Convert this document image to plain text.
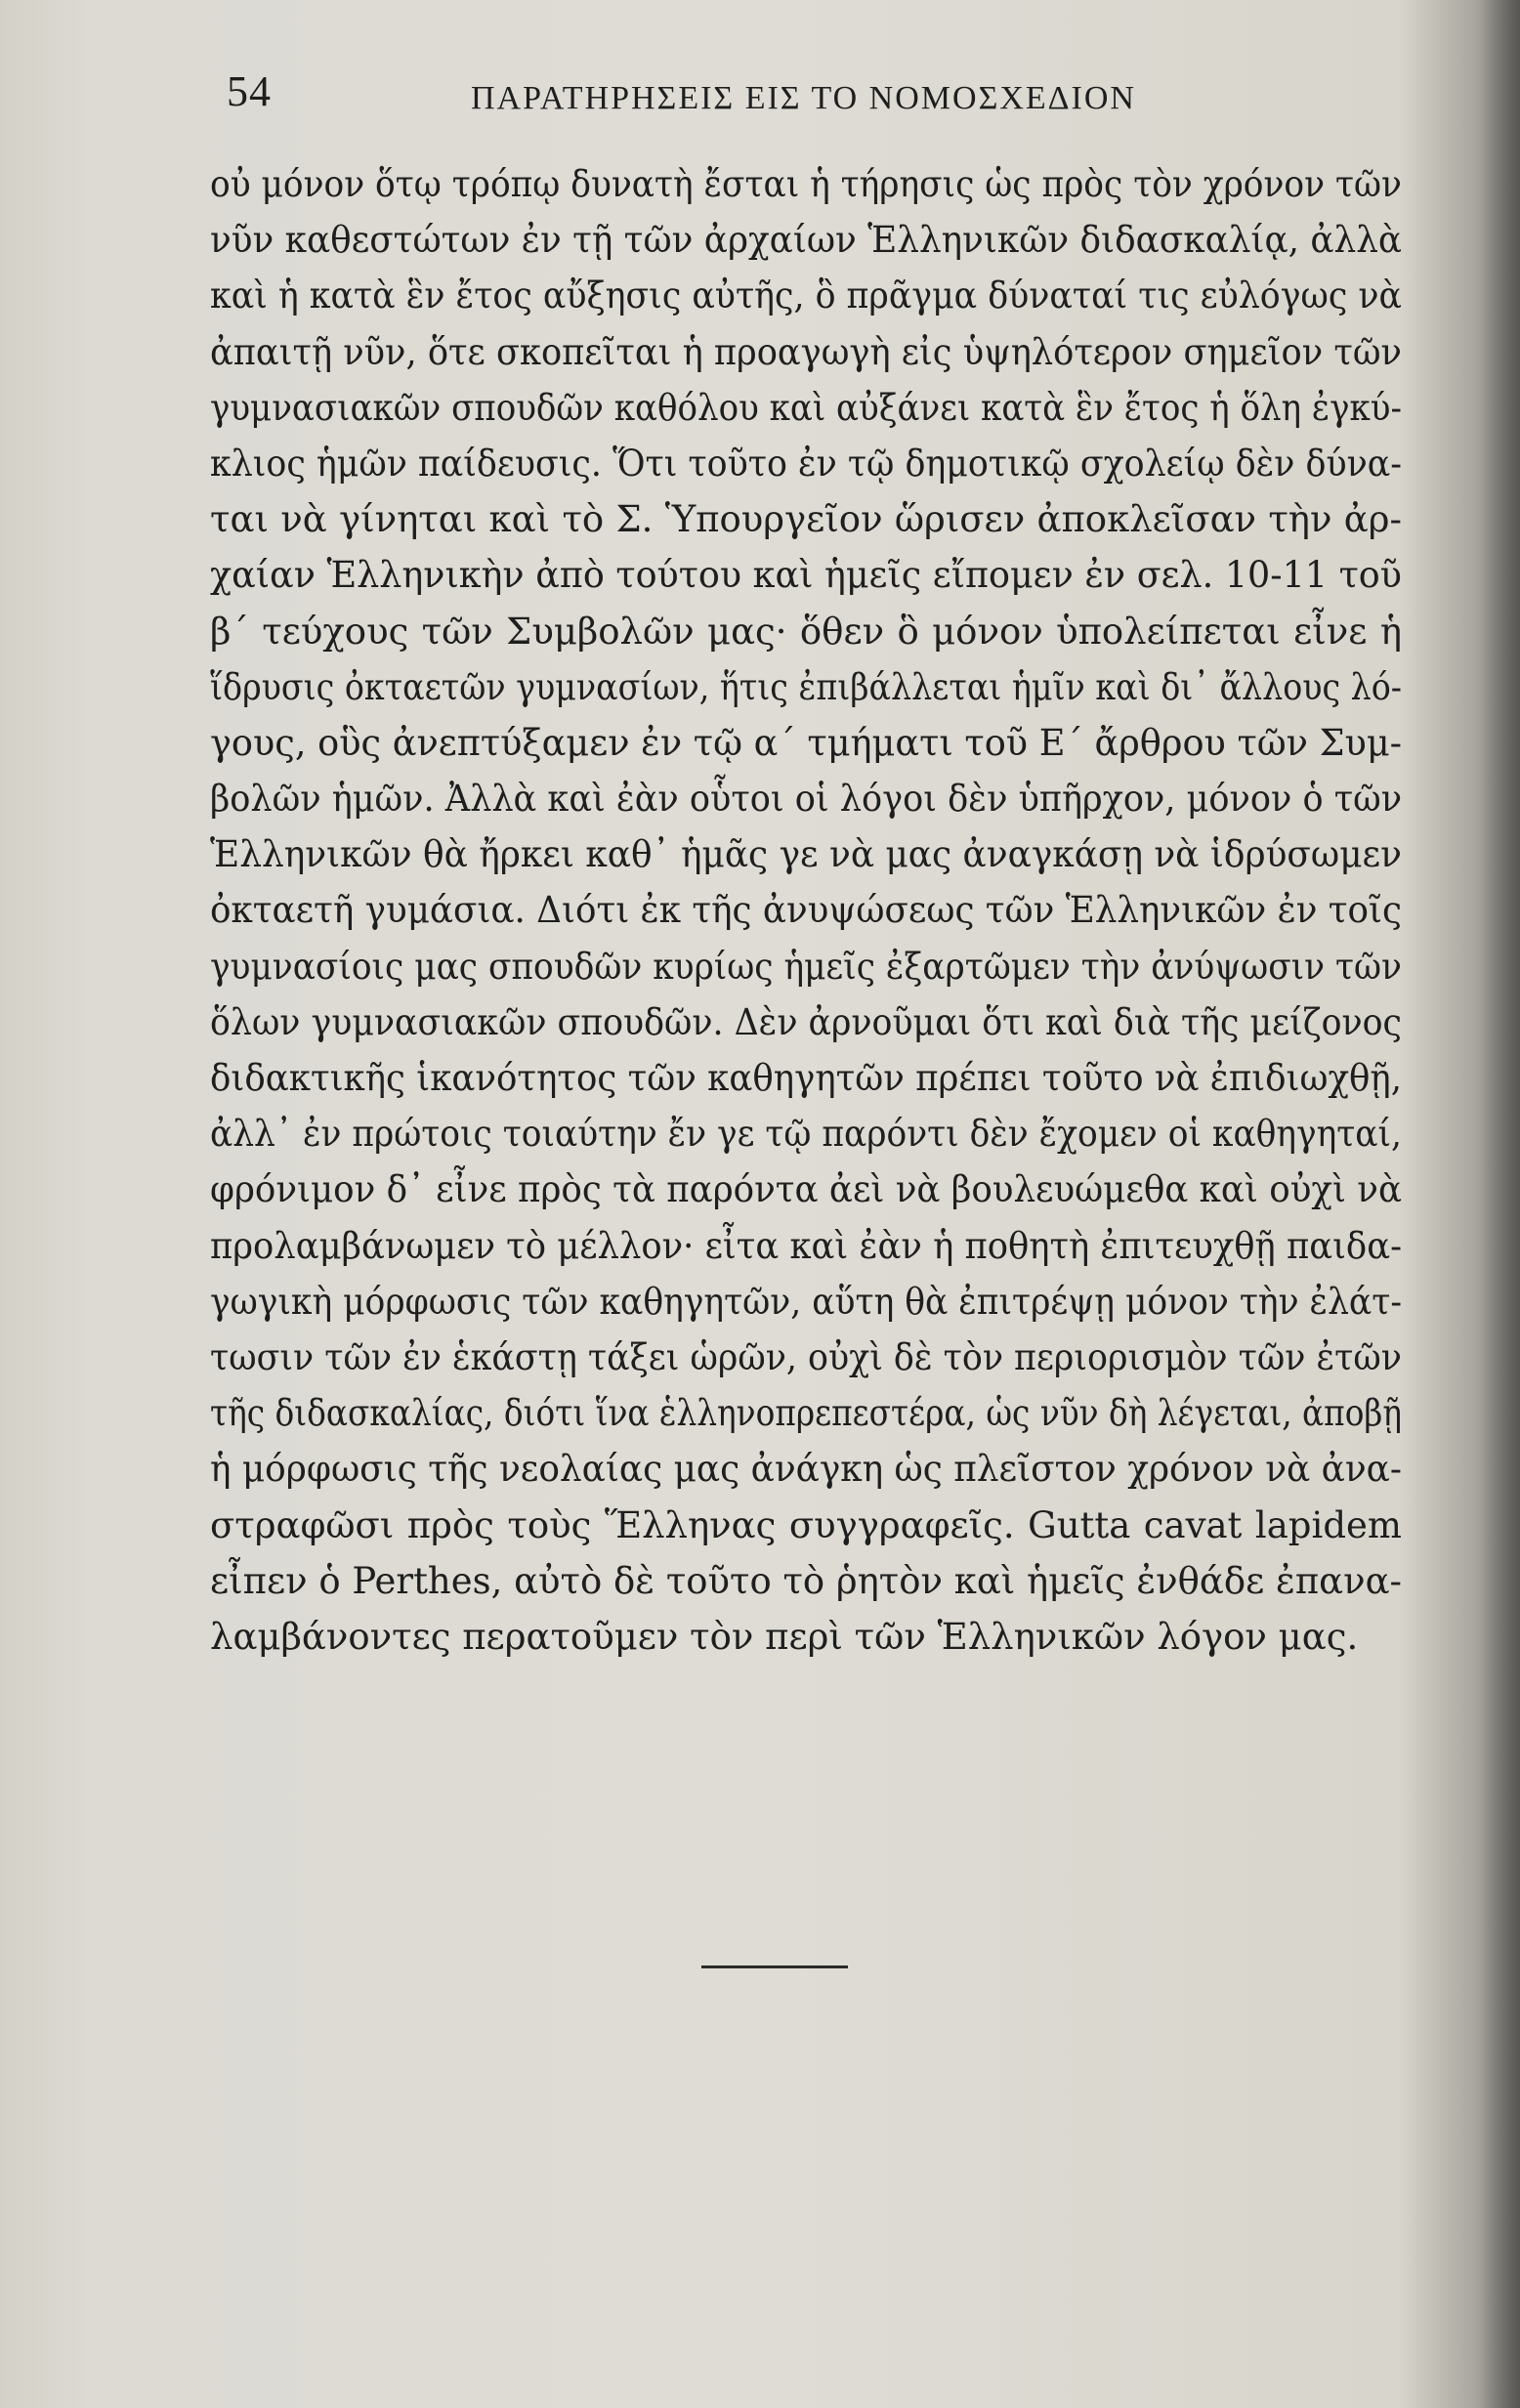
54	ΠΑΡΑΤΗΡΗΣΕΙΣ ΕΙΣ ΤΟ ΝΟΜΟΣΧΕΔΙΟΝ
οὐ μόνον ὅτῳ τρόπῳ δυνατὴ ἔσται ἡ τήρησις ὡς πρὸς τὸν χρόνον τῶν
νῦν καθεστώτων ἐν τῇ τῶν ἀρχαίων Ἑλληνικῶν διδασκαλίᾳ, ἀλλὰ
καὶ ἡ κατὰ ἓν ἔτος αὔξησις αὐτῆς, ὃ πρᾶγμα δύναταί τις εὐλόγως νὰ
ἀπαιτῇ νῦν, ὅτε σκοπεῖται ἡ προαγωγὴ εἰς ὑψηλότερον σημεῖον τῶν
γυμνασιακῶν σπουδῶν καθόλου καὶ αὐξάνει κατὰ ἓν ἔτος ἡ ὅλη ἐγκύ-
κλιος ἡμῶν παίδευσις. Ὅτι τοῦτο ἐν τῷ δημοτικῷ σχολείῳ δὲν δύνα-
ται νὰ γίνηται καὶ τὸ Σ. Ὑπουργεῖον ὥρισεν ἀποκλεῖσαν τὴν ἀρ-
χαίαν Ἑλληνικὴν ἀπὸ τούτου καὶ ἡμεῖς εἴπομεν ἐν σελ. 10-11 τοῦ
β΄ τεύχους τῶν Συμβολῶν μας· ὅθεν ὃ μόνον ὑπολείπεται εἶνε ἡ
ἵδρυσις ὀκταετῶν γυμνασίων, ἥτις ἐπιβάλλεται ἡμῖν καὶ δι᾽ ἄλλους λό-
γους, οὓς ἀνεπτύξαμεν ἐν τῷ α΄ τμήματι τοῦ Ε΄ ἄρθρου τῶν Συμ-
βολῶν ἡμῶν. Ἀλλὰ καὶ ἐὰν οὗτοι οἱ λόγοι δὲν ὑπῆρχον, μόνον ὁ τῶν
Ἑλληνικῶν θὰ ἤρκει καθ᾽ ἡμᾶς γε νὰ μας ἀναγκάσῃ νὰ ἱδρύσωμεν
ὀκταετῆ γυμάσια. Διότι ἐκ τῆς ἀνυψώσεως τῶν Ἑλληνικῶν ἐν τοῖς
γυμνασίοις μας σπουδῶν κυρίως ἡμεῖς ἐξαρτῶμεν τὴν ἀνύψωσιν τῶν
ὅλων γυμνασιακῶν σπουδῶν. Δὲν ἀρνοῦμαι ὅτι καὶ διὰ τῆς μείζονος
διδακτικῆς ἱκανότητος τῶν καθηγητῶν πρέπει τοῦτο νὰ ἐπιδιωχθῇ,
ἀλλ᾽ ἐν πρώτοις τοιαύτην ἔν γε τῷ παρόντι δὲν ἔχομεν οἱ καθηγηταί,
φρόνιμον δ᾽ εἶνε πρὸς τὰ παρόντα ἀεὶ νὰ βουλευώμεθα καὶ οὐχὶ νὰ
προλαμβάνωμεν τὸ μέλλον· εἶτα καὶ ἐὰν ἡ ποθητὴ ἐπιτευχθῇ παιδα-
γωγικὴ μόρφωσις τῶν καθηγητῶν, αὕτη θὰ ἐπιτρέψῃ μόνον τὴν ἐλάτ-
τωσιν τῶν ἐν ἑκάστῃ τάξει ὡρῶν, οὐχὶ δὲ τὸν περιορισμὸν τῶν ἐτῶν
τῆς διδασκαλίας, διότι ἵνα ἑλληνοπρεπεστέρα, ὡς νῦν δὴ λέγεται, ἀποβῇ
ἡ μόρφωσις τῆς νεολαίας μας ἀνάγκη ὡς πλεῖστον χρόνον νὰ ἀνα-
στραφῶσι πρὸς τοὺς Ἕλληνας συγγραφεῖς. Gutta cavat lapidem
εἶπεν ὁ Perthes, αὐτὸ δὲ τοῦτο τὸ ῥητὸν καὶ ἡμεῖς ἐνθάδε ἐπανα-
λαμβάνοντες περατοῦμεν τὸν περὶ τῶν Ἑλληνικῶν λόγον μας.
